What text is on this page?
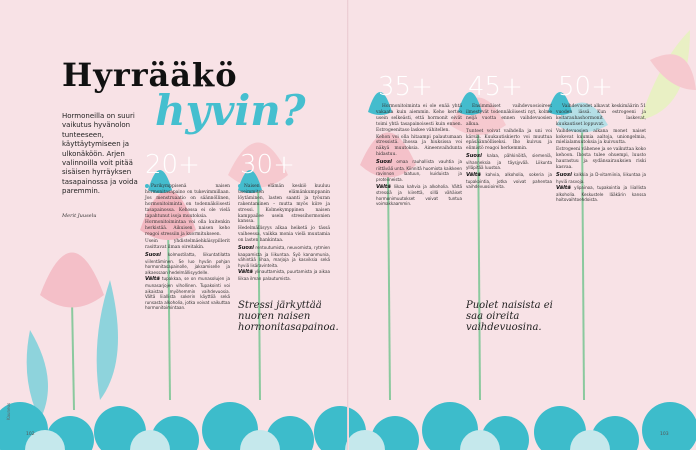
Hyrrääkö
hyvin?
Hormoneilla on suuri vaikutus hyvänolon tunteeseen, käyttäytymiseen ja ulkonäköön. Arjen valinnoilla voit pitää sisäisen hyrräyksen tasapainossa ja voida paremmin.
Merit Juuselu
20+ 30+
35+ 45+ 50+

Parikymppisenä naisen hormonitasapaino on tukevimmillaan. Jos menstruaatio on säännöllinen, hormonitoiminta on todennäköisesti tasapainossa. Kehossa ei ole vielä tapahtunut isoja muutoksia.

Hormonitoimintaa voi olla kuitenkin herkistää. Aikuisen naisen keho reagoi stressiin ja kuormitukseen.

Usein yhdistelmäehkäisypillerit rasittavat ilman oireitakin.

Suosi kolmostilatta, liikuntatilatta viilentäminen. Se luo hyvän pohjan hormonitasapainolle, jaksamiselle ja alkaessaan hedelmällisyydelle.

Vältä tupakkaa, se on munasolujen ja munasarjojen vihollinen. Tupakointi voi aikaistaa myöhemmin vaihdevuosia. Vältä liiallista sokerin käyttöä sekä runsasta alkoholia, jotka voivat vaikuttaa hormonitoimintaan.

Naisen elämän keskiö kuuluu useimmiten elämänkumppanin löytäminen, lasten saanti ja työuran rakentaminen – mutta myös kiire ja stressi. Kolmekymppinen naisen kamppailee usein stressihormonien kanssa.

Hedelmällisyys alkaa heiketä jo tässä vaiheessa, vaikka monia vielä muutamia on lasten hankintaa.

Suosi rentoutumista, neuvomista, rytmien kaapamista ja liikuntaa. Syö kananmunia, vähintää lihaa, marjoja ja kasviksia sekä hyviä lisäravinteita.

Vältä ylinauttamista, puurtamista ja aikaa liikaa ilman palautumista.

Stressi järkyttää nuoren naisen hormonitasapainoa.

Hormonitoiminta ei ole enää yhtä vakaata kuin aiemmin. Keho kertoo usein selkeästi, että hormonit eivät toimi yhtä tasapainoisesti kuin ennen. Estrogeenitaso laskee vähitellen.

Kehon voi olla hitaampi palautumaan stressistä. Ihossa ja hiuksissa voi näkyä muutoksia. Aineenvaihdunta hidastuu.

Suosi omaa rauhallista vauhtia ja riittävää unta. Kiinnitä huomiota kaikkeen ravinnon laatuun, kuiduista ja proteiineista.

Vältä liikaa kahvia ja alkoholia. Vältä stressiä ja kiirettä, sillä vähäiset hormonimuutokset voivat tuntua voimakkaammin.

Ensimmäiset vaihdevuosioireet ilmestyvät todennäköisesti nyt, kolme neljä vuotta ennen vaihdevuosien alkua.

Tunteet voivat vaihdella ja uni voi kärsiä. Kuukautiskierto voi muuttua epäsäännölliseksi. Iho kuivuu ja elimistö reagoi herkemmin.

Suosi kalaa, pähkinöitä, siemeniä, vihanneksia ja täysjyvää. Liikunta ylläpitää luustoa.

Vältä kahvia, alkoholia, sokeria ja tupakointia, jotka voivat pahentaa vaihdevuosioireita.

Puolet naisista ei saa oireita vaihdevuosina.

Vaihdevuodet alkavat keskimäärin 51 vuoden iässä. Kun estrogeeni ja keltarauhashormonit laskevat, kuukautiset loppuvat.

Vaihdevuosien aikana monet naiset kokevat kuumia aaltoja, uniongelmia, mielialamuutoksia ja kuivuutta.

Estrogeeni vähenee ja se vaikuttaa koko kehoon. Ihosta tulee ohuempi, luusto haurastuu ja sydänsairauksien riski kasvaa.

Suosi kalkkia ja D-vitamiinia, liikuntaa ja hyviä rasvoja.

Vältä ylipainoa, tupakointia ja liiallista alkoholia. Keskustele lääkärin kanssa hoitovaihtoehdoista.

102	103
Kauneus
